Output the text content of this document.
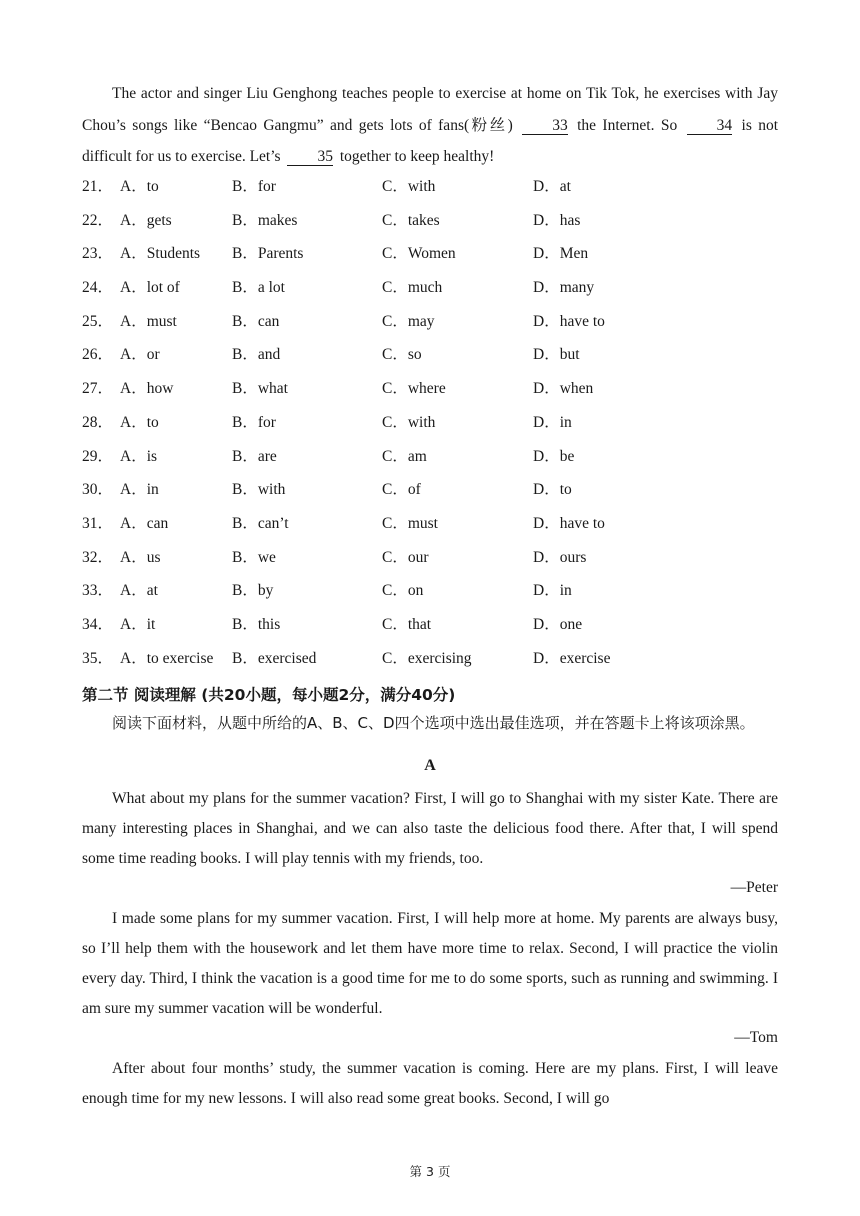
The actor and singer Liu Genghong teaches people to exercise at home on Tik Tok, he exercises with Jay Chou’s songs like “Bencao Gangmu” and gets lots of fans(粉丝)	33 the Internet. So	34 is not difficult for us to exercise. Let’s 35 together to keep healthy!
21． A．to	B．for	C．with	D．at
22． A．gets	B．makes	C．takes	D．has
23． A．Students B．Parents	C．Women	D．Men
24． A．lot of	B．a lot	C．much	D．many
25． A．must	B．can	C．may	D．have to
26． A．or	B．and	C．so	D．but
27． A．how	B．what	C．where	D．when
28． A．to	B．for	C．with	D．in
29． A．is	B．are	C．am	D．be
30． A．in	B．with	C．of	D．to
31． A．can	B．can’t	C．must	D．have to
32． A．us	B．we	C．our	D．ours
33． A．at	B．by	C．on	D．in
34． A．it	B．this	C．that	D．one
35． A．to exercise B．exercised	C．exercising	D．exercise
第二节 阅读理解 (共20小题，每小题2分，满分40分)
阅读下面材料，从题中所给的A、B、C、D四个选项中选出最佳选项，并在答题卡上将该项涂黑。
A
What about my plans for the summer vacation? First, I will go to Shanghai with my sister Kate. There are many interesting places in Shanghai, and we can also taste the delicious food there. After that, I will spend some time reading books. I will play tennis with my friends, too.
—Peter
I made some plans for my summer vacation. First, I will help more at home. My parents are always busy, so I’ll help them with the housework and let them have more time to relax. Second, I will practice the violin every day. Third, I think the vacation is a good time for me to do some sports, such as running and swimming. I am sure my summer vacation will be wonderful.
—Tom
After about four months’ study, the summer vacation is coming. Here are my plans. First, I will leave enough time for my new lessons. I will also read some great books. Second, I will go
第 3 页
